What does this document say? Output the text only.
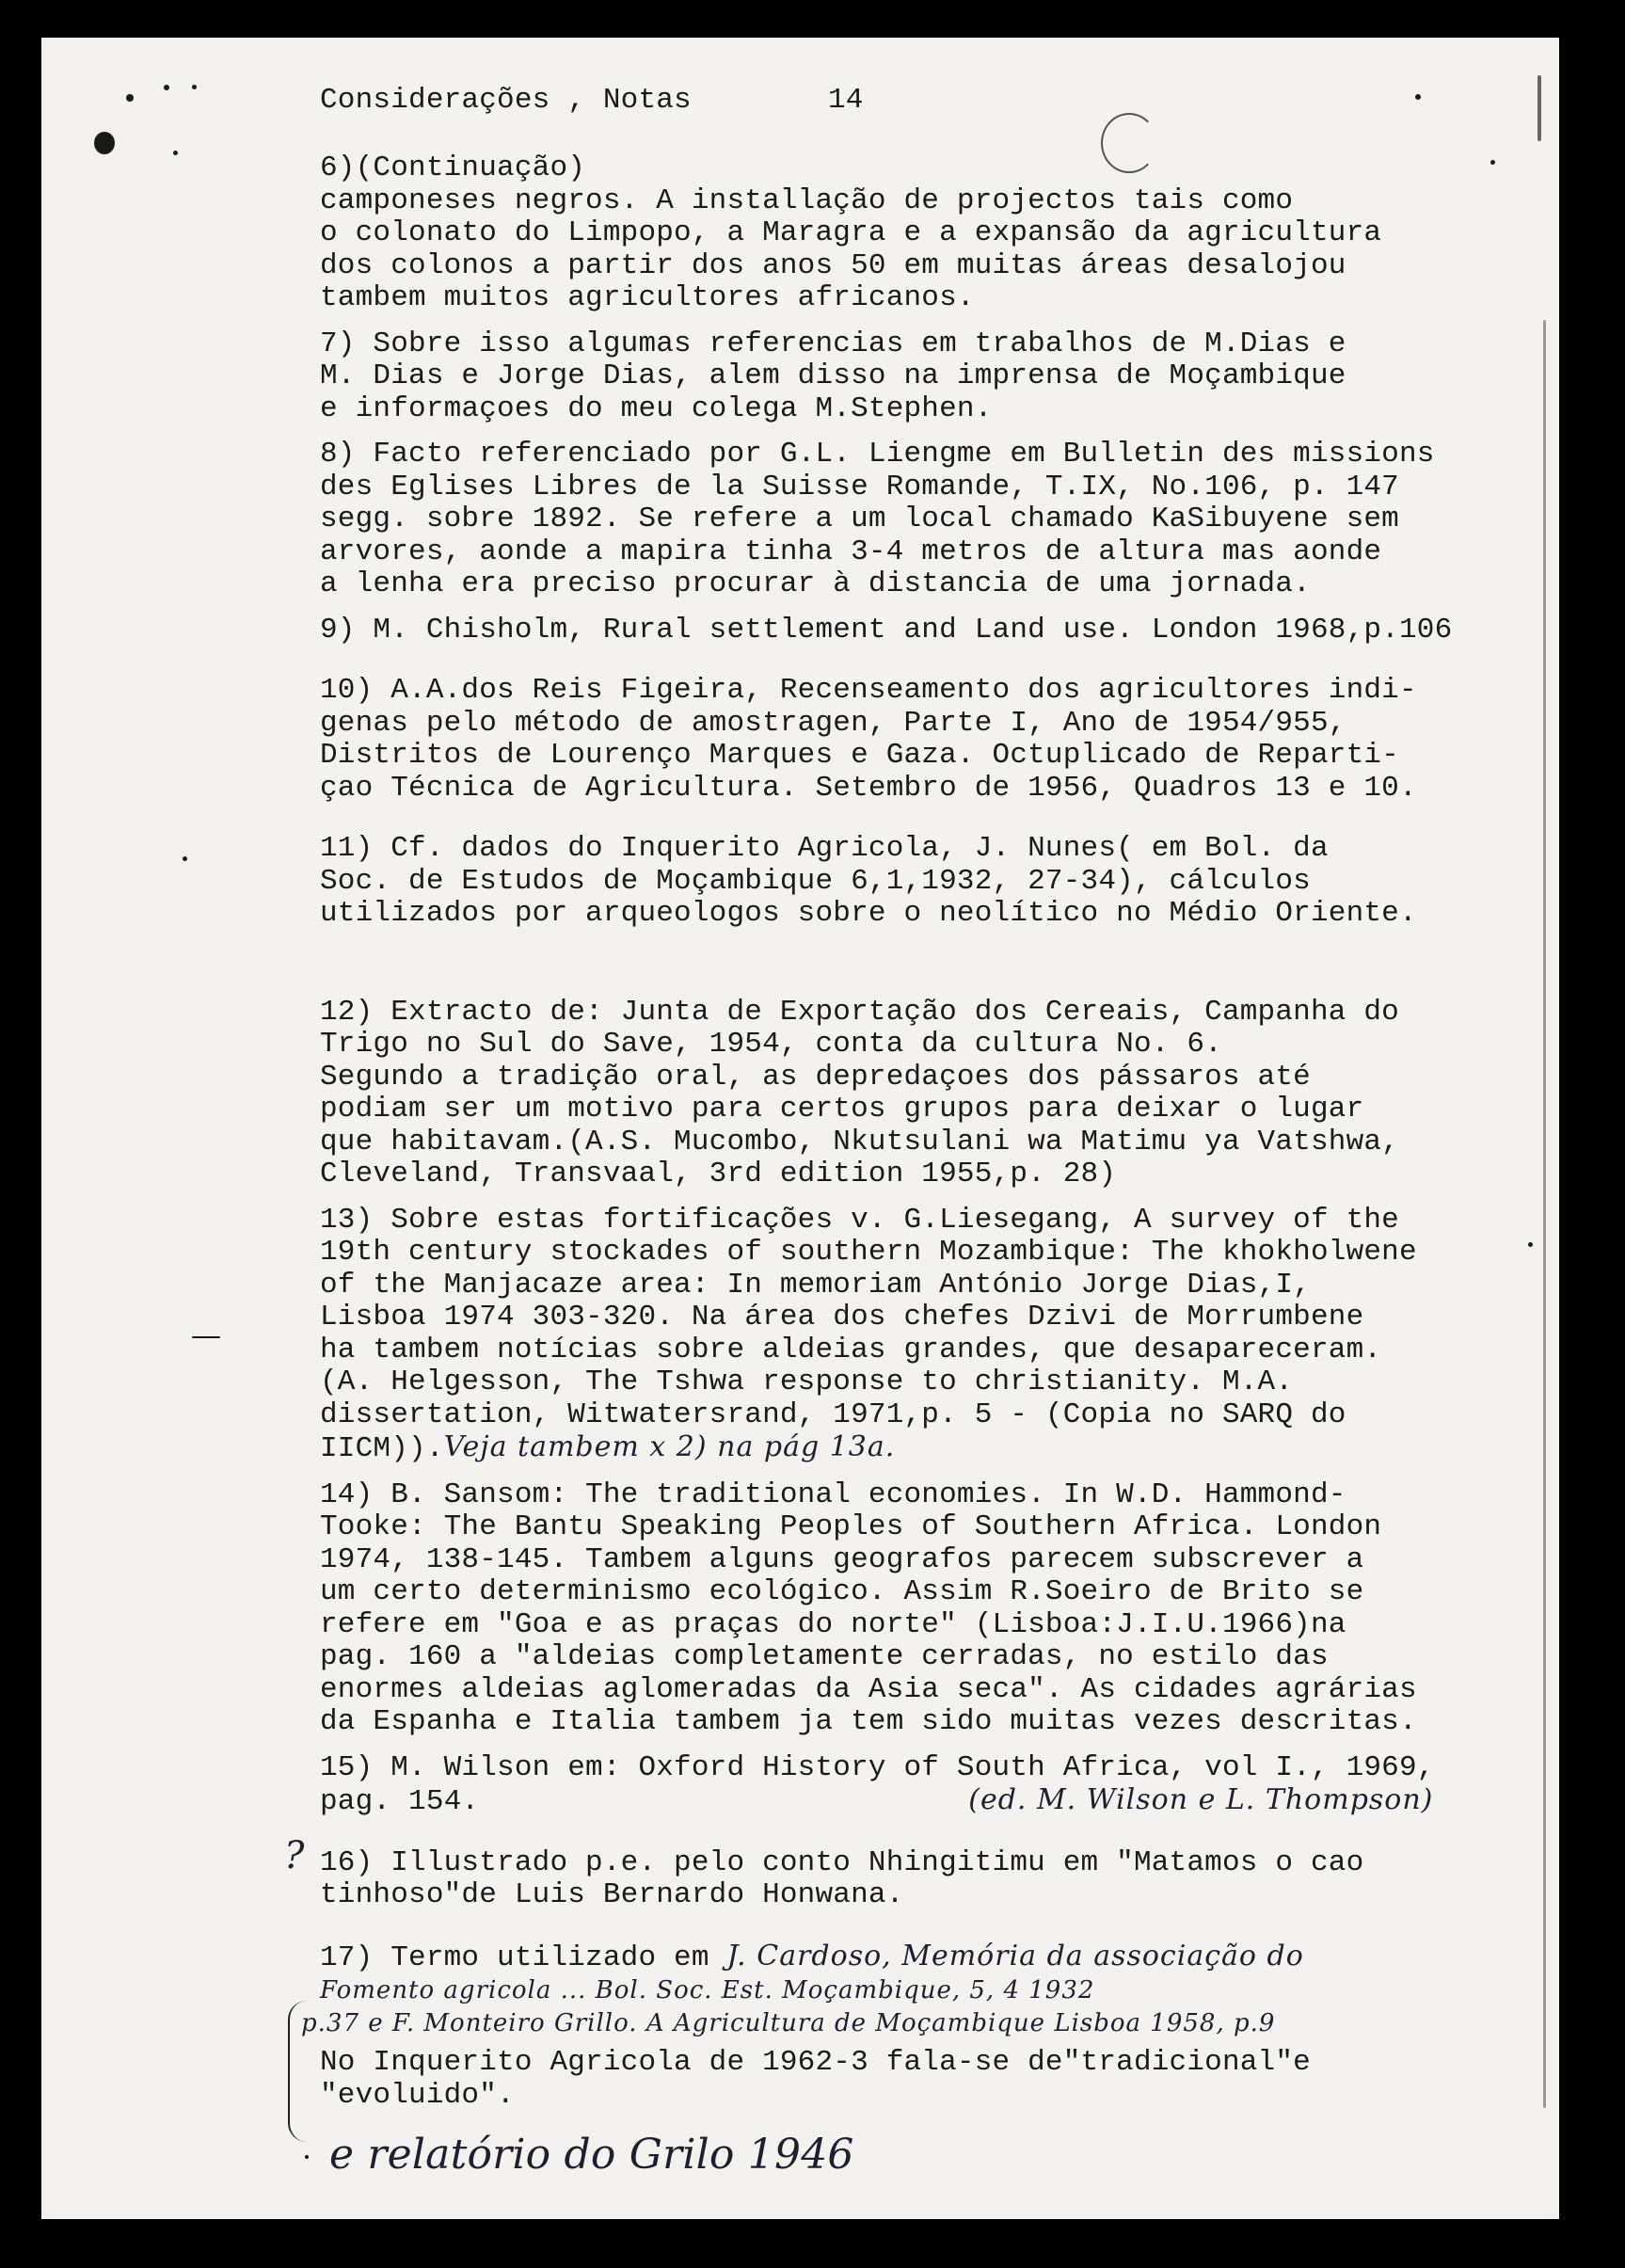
Considerações , Notas	14

6)(Continuação)

camponeses negros. A installação de projectos tais como

o colonato do Limpopo, a Maragra e a expansão da agricultura

dos colonos a partir dos anos 50 em muitas áreas desalojou

tambem muitos agricultores africanos.

7) Sobre isso algumas referencias em trabalhos de M.Dias e

M. Dias e Jorge Dias, alem disso na imprensa de Moçambique

e informaçoes do meu colega M.Stephen.

8) Facto referenciado por G.L. Liengme em Bulletin des missions

des Eglises Libres de la Suisse Romande, T.IX, No.106, p. 147

segg. sobre 1892. Se refere a um local chamado KaSibuyene sem

arvores, aonde a mapira tinha 3-4 metros de altura mas aonde

a lenha era preciso procurar à distancia de uma jornada.

9) M. Chisholm, Rural settlement and Land use. London 1968,p.106

10) A.A.dos Reis Figeira, Recenseamento dos agricultores indi-

genas pelo método de amostragen, Parte I, Ano de 1954/955,

Distritos de Lourenço Marques e Gaza. Octuplicado de Reparti-

çao Técnica de Agricultura. Setembro de 1956, Quadros 13 e 10.

11) Cf. dados do Inquerito Agricola, J. Nunes( em Bol. da

Soc. de Estudos de Moçambique 6,1,1932, 27-34), cálculos

utilizados por arqueologos sobre o neolítico no Médio Oriente.

12) Extracto de: Junta de Exportação dos Cereais, Campanha do

Trigo no Sul do Save, 1954, conta da cultura No. 6.

Segundo a tradição oral, as depredaçoes dos pássaros até

podiam ser um motivo para certos grupos para deixar o lugar

que habitavam.(A.S. Mucombo, Nkutsulani wa Matimu ya Vatshwa,

Cleveland, Transvaal, 3rd edition 1955,p. 28)

13) Sobre estas fortificações v. G.Liesegang, A survey of the

19th century stockades of southern Mozambique: The khokholwene

of the Manjacaze area: In memoriam António Jorge Dias,I,

Lisboa 1974 303-320. Na área dos chefes Dzivi de Morrumbene

ha tambem notícias sobre aldeias grandes, que desapareceram.

(A. Helgesson, The Tshwa response to christianity. M.A.

dissertation, Witwatersrand, 1971,p. 5 - (Copia no SARQ do

IICM)).Veja tambem x 2) na pág 13a.

14) B. Sansom: The traditional economies. In W.D. Hammond-

Tooke: The Bantu Speaking Peoples of Southern Africa. London

1974, 138-145. Tambem alguns geografos parecem subscrever a

um certo determinismo ecológico. Assim R.Soeiro de Brito se

refere em "Goa e as praças do norte" (Lisboa:J.I.U.1966)na

pag. 160 a "aldeias completamente cerradas, no estilo das

enormes aldeias aglomeradas da Asia seca". As cidades agrárias

da Espanha e Italia tambem ja tem sido muitas vezes descritas.

15) M. Wilson em: Oxford History of South Africa, vol I., 1969,

pag. 154.	(ed. M. Wilson e L. Thompson)

? 16) Illustrado p.e. pelo conto Nhingitimu em "Matamos o cao

tinhoso"de Luis Bernardo Honwana.

17) Termo utilizado em J. Cardoso, Memória da associação do

Fomento agricola ... Bol. Soc. Est. Moçambique, 5, 4 1932

p.37 e F. Monteiro Grillo. A Agricultura de Moçambique Lisboa 1958, p.9

No Inquerito Agricola de 1962-3 fala-se de"tradicional"e

"evoluido".

e relatório do Grilo 1946
